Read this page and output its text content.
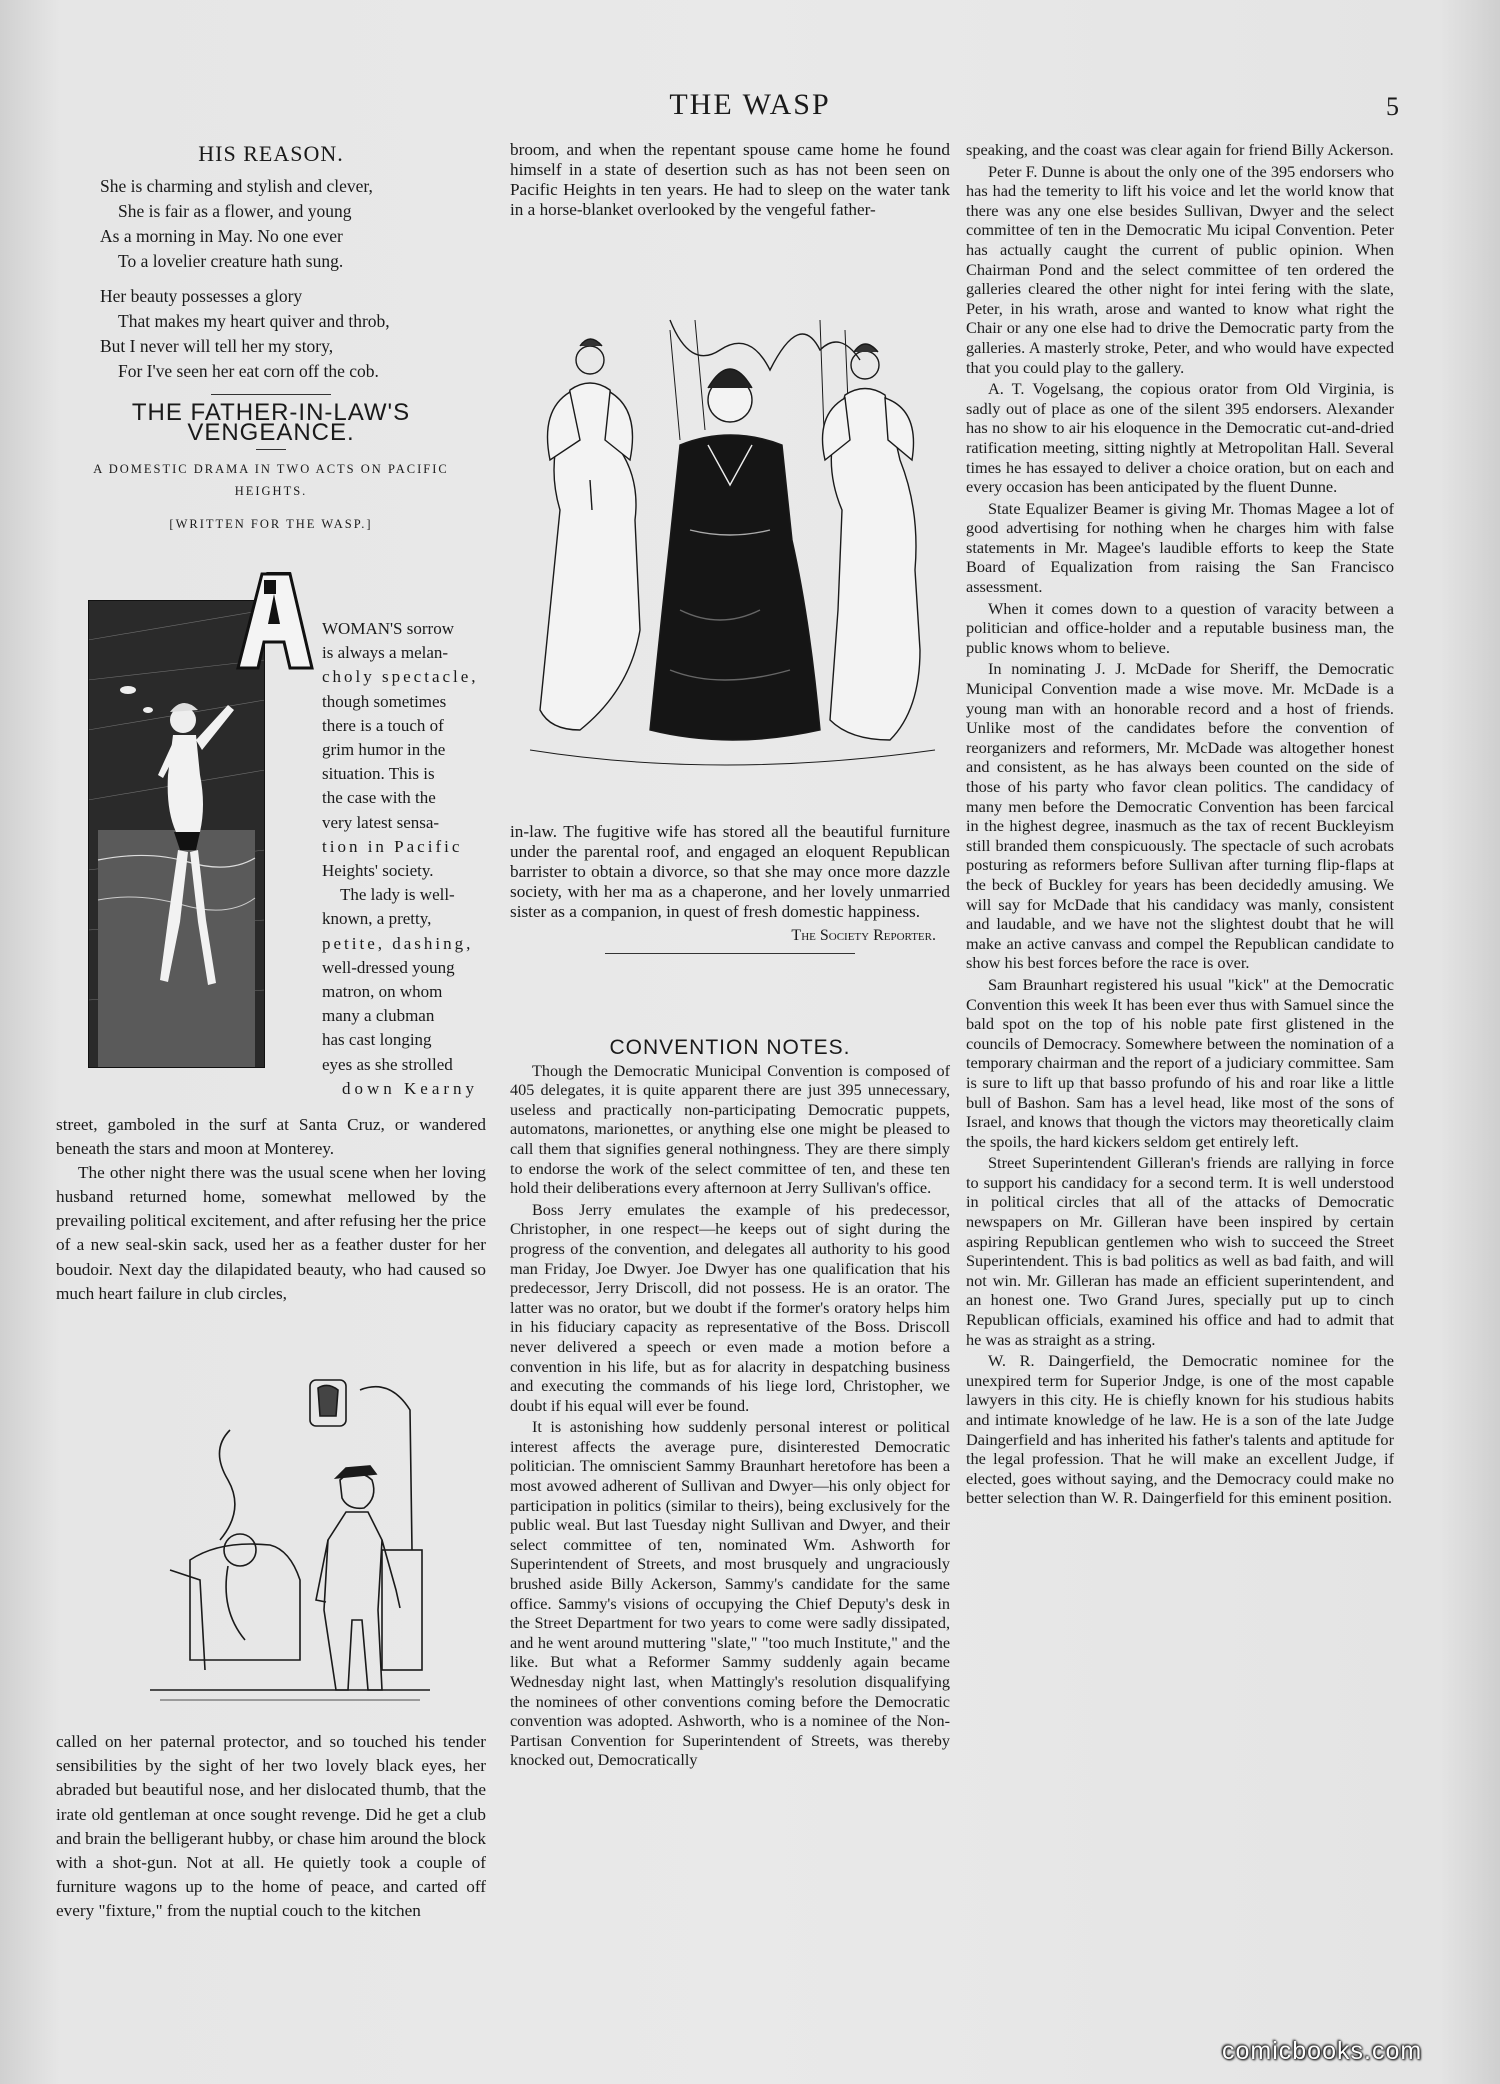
THE WASP	5
HIS REASON.
She is charming and stylish and clever,
She is fair as a flower, and young
As a morning in May. No one ever
To a lovelier creature hath sung.
Her beauty possesses a glory
That makes my heart quiver and throb,
But I never will tell her my story,
For I've seen her eat corn off the cob.
THE FATHER-IN-LAW'S VENGEANCE.
A DOMESTIC DRAMA IN TWO ACTS ON PACIFIC HEIGHTS.
[WRITTEN FOR THE WASP.]

WOMAN'S sorrow

is always a melan-

choly spectacle,

though sometimes

there is a touch of

grim humor in the

situation. This is

the case with the

very latest sensa-

tion in Pacific

Heights' society.

The lady is well-

known, a pretty,

petite, dashing,

well-dressed young

matron, on whom

many a clubman

has cast longing

eyes as she strolled

down Kearny

street, gamboled in the surf at Santa Cruz, or wandered beneath the stars and moon at Monterey.

The other night there was the usual scene when her loving husband returned home, somewhat mellowed by the prevailing political excitement, and after refusing her the price of a new seal-skin sack, used her as a feather duster for her boudoir. Next day the dilapidated beauty, who had caused so much heart failure in club circles,

called on her paternal protector, and so touched his tender sensibilities by the sight of her two lovely black eyes, her abraded but beautiful nose, and her dislocated thumb, that the irate old gentleman at once sought revenge. Did he get a club and brain the belligerant hubby, or chase him around the block with a shot-gun. Not at all. He quietly took a couple of furniture wagons up to the home of peace, and carted off every "fixture," from the nuptial couch to the kitchen

broom, and when the repentant spouse came home he found himself in a state of desertion such as has not been seen on Pacific Heights in ten years. He had to sleep on the water tank in a horse-blanket overlooked by the vengeful father-

in-law. The fugitive wife has stored all the beautiful furniture under the parental roof, and engaged an eloquent Republican barrister to obtain a divorce, so that she may once more dazzle society, with her ma as a chaperone, and her lovely unmarried sister as a companion, in quest of fresh domestic happiness.

The Society Reporter.
CONVENTION NOTES.

Though the Democratic Municipal Convention is composed of 405 delegates, it is quite apparent there are just 395 unnecessary, useless and practically non-participating Democratic puppets, automatons, marionettes, or anything else one might be pleased to call them that signifies general nothingness. They are there simply to endorse the work of the select committee of ten, and these ten hold their deliberations every afternoon at Jerry Sullivan's office.

Boss Jerry emulates the example of his predecessor, Christopher, in one respect—he keeps out of sight during the progress of the convention, and delegates all authority to his good man Friday, Joe Dwyer. Joe Dwyer has one qualification that his predecessor, Jerry Driscoll, did not possess. He is an orator. The latter was no orator, but we doubt if the former's oratory helps him in his fiduciary capacity as representative of the Boss. Driscoll never delivered a speech or even made a motion before a convention in his life, but as for alacrity in despatching business and executing the commands of his liege lord, Christopher, we doubt if his equal will ever be found.

It is astonishing how suddenly personal interest or political interest affects the average pure, disinterested Democratic politician. The omniscient Sammy Braunhart heretofore has been a most avowed adherent of Sullivan and Dwyer—his only object for participation in politics (similar to theirs), being exclusively for the public weal. But last Tuesday night Sullivan and Dwyer, and their select committee of ten, nominated Wm. Ashworth for Superintendent of Streets, and most brusquely and ungraciously brushed aside Billy Ackerson, Sammy's candidate for the same office. Sammy's visions of occupying the Chief Deputy's desk in the Street Department for two years to come were sadly dissipated, and he went around muttering "slate," "too much Institute," and the like. But what a Reformer Sammy suddenly again became Wednesday night last, when Mattingly's resolution disqualifying the nominees of other conventions coming before the Democratic convention was adopted. Ashworth, who is a nominee of the Non-Partisan Convention for Superintendent of Streets, was thereby knocked out, Democratically

speaking, and the coast was clear again for friend Billy Ackerson.

Peter F. Dunne is about the only one of the 395 endorsers who has had the temerity to lift his voice and let the world know that there was any one else besides Sullivan, Dwyer and the select committee of ten in the Democratic Mu icipal Convention. Peter has actually caught the current of public opinion. When Chairman Pond and the select committee of ten ordered the galleries cleared the other night for intei fering with the slate, Peter, in his wrath, arose and wanted to know what right the Chair or any one else had to drive the Democratic party from the galleries. A masterly stroke, Peter, and who would have expected that you could play to the gallery.

A. T. Vogelsang, the copious orator from Old Virginia, is sadly out of place as one of the silent 395 endorsers. Alexander has no show to air his eloquence in the Democratic cut-and-dried ratification meeting, sitting nightly at Metropolitan Hall. Several times he has essayed to deliver a choice oration, but on each and every occasion has been anticipated by the fluent Dunne.

State Equalizer Beamer is giving Mr. Thomas Magee a lot of good advertising for nothing when he charges him with false statements in Mr. Magee's laudible efforts to keep the State Board of Equalization from raising the San Francisco assessment.

When it comes down to a question of varacity between a politician and office-holder and a reputable business man, the public knows whom to believe.

In nominating J. J. McDade for Sheriff, the Democratic Municipal Convention made a wise move. Mr. McDade is a young man with an honorable record and a host of friends. Unlike most of the candidates before the convention of reorganizers and reformers, Mr. McDade was altogether honest and consistent, as he has always been counted on the side of those of his party who favor clean politics. The candidacy of many men before the Democratic Convention has been farcical in the highest degree, inasmuch as the tax of recent Buckleyism still branded them conspicuously. The spectacle of such acrobats posturing as reformers before Sullivan after turning flip-flaps at the beck of Buckley for years has been decidedly amusing. We will say for McDade that his candidacy was manly, consistent and laudable, and we have not the slightest doubt that he will make an active canvass and compel the Republican candidate to show his best forces before the race is over.

Sam Braunhart registered his usual "kick" at the Democratic Convention this week It has been ever thus with Samuel since the bald spot on the top of his noble pate first glistened in the councils of Democracy. Somewhere between the nomination of a temporary chairman and the report of a judiciary committee. Sam is sure to lift up that basso profundo of his and roar like a little bull of Bashon. Sam has a level head, like most of the sons of Israel, and knows that though the victors may theoretically claim the spoils, the hard kickers seldom get entirely left.

Street Superintendent Gilleran's friends are rallying in force to support his candidacy for a second term. It is well understood in political circles that all of the attacks of Democratic newspapers on Mr. Gilleran have been inspired by certain aspiring Republican gentlemen who wish to succeed the Street Superintendent. This is bad politics as well as bad faith, and will not win. Mr. Gilleran has made an efficient superintendent, and an honest one. Two Grand Jures, specially put up to cinch Republican officials, examined his office and had to admit that he was as straight as a string.

W. R. Daingerfield, the Democratic nominee for the unexpired term for Superior Jndge, is one of the most capable lawyers in this city. He is chiefly known for his studious habits and intimate knowledge of he law. He is a son of the late Judge Daingerfield and has inherited his father's talents and aptitude for the legal profession. That he will make an excellent Judge, if elected, goes without saying, and the Democracy could make no better selection than W. R. Daingerfield for this eminent position.

comicbooks.com
